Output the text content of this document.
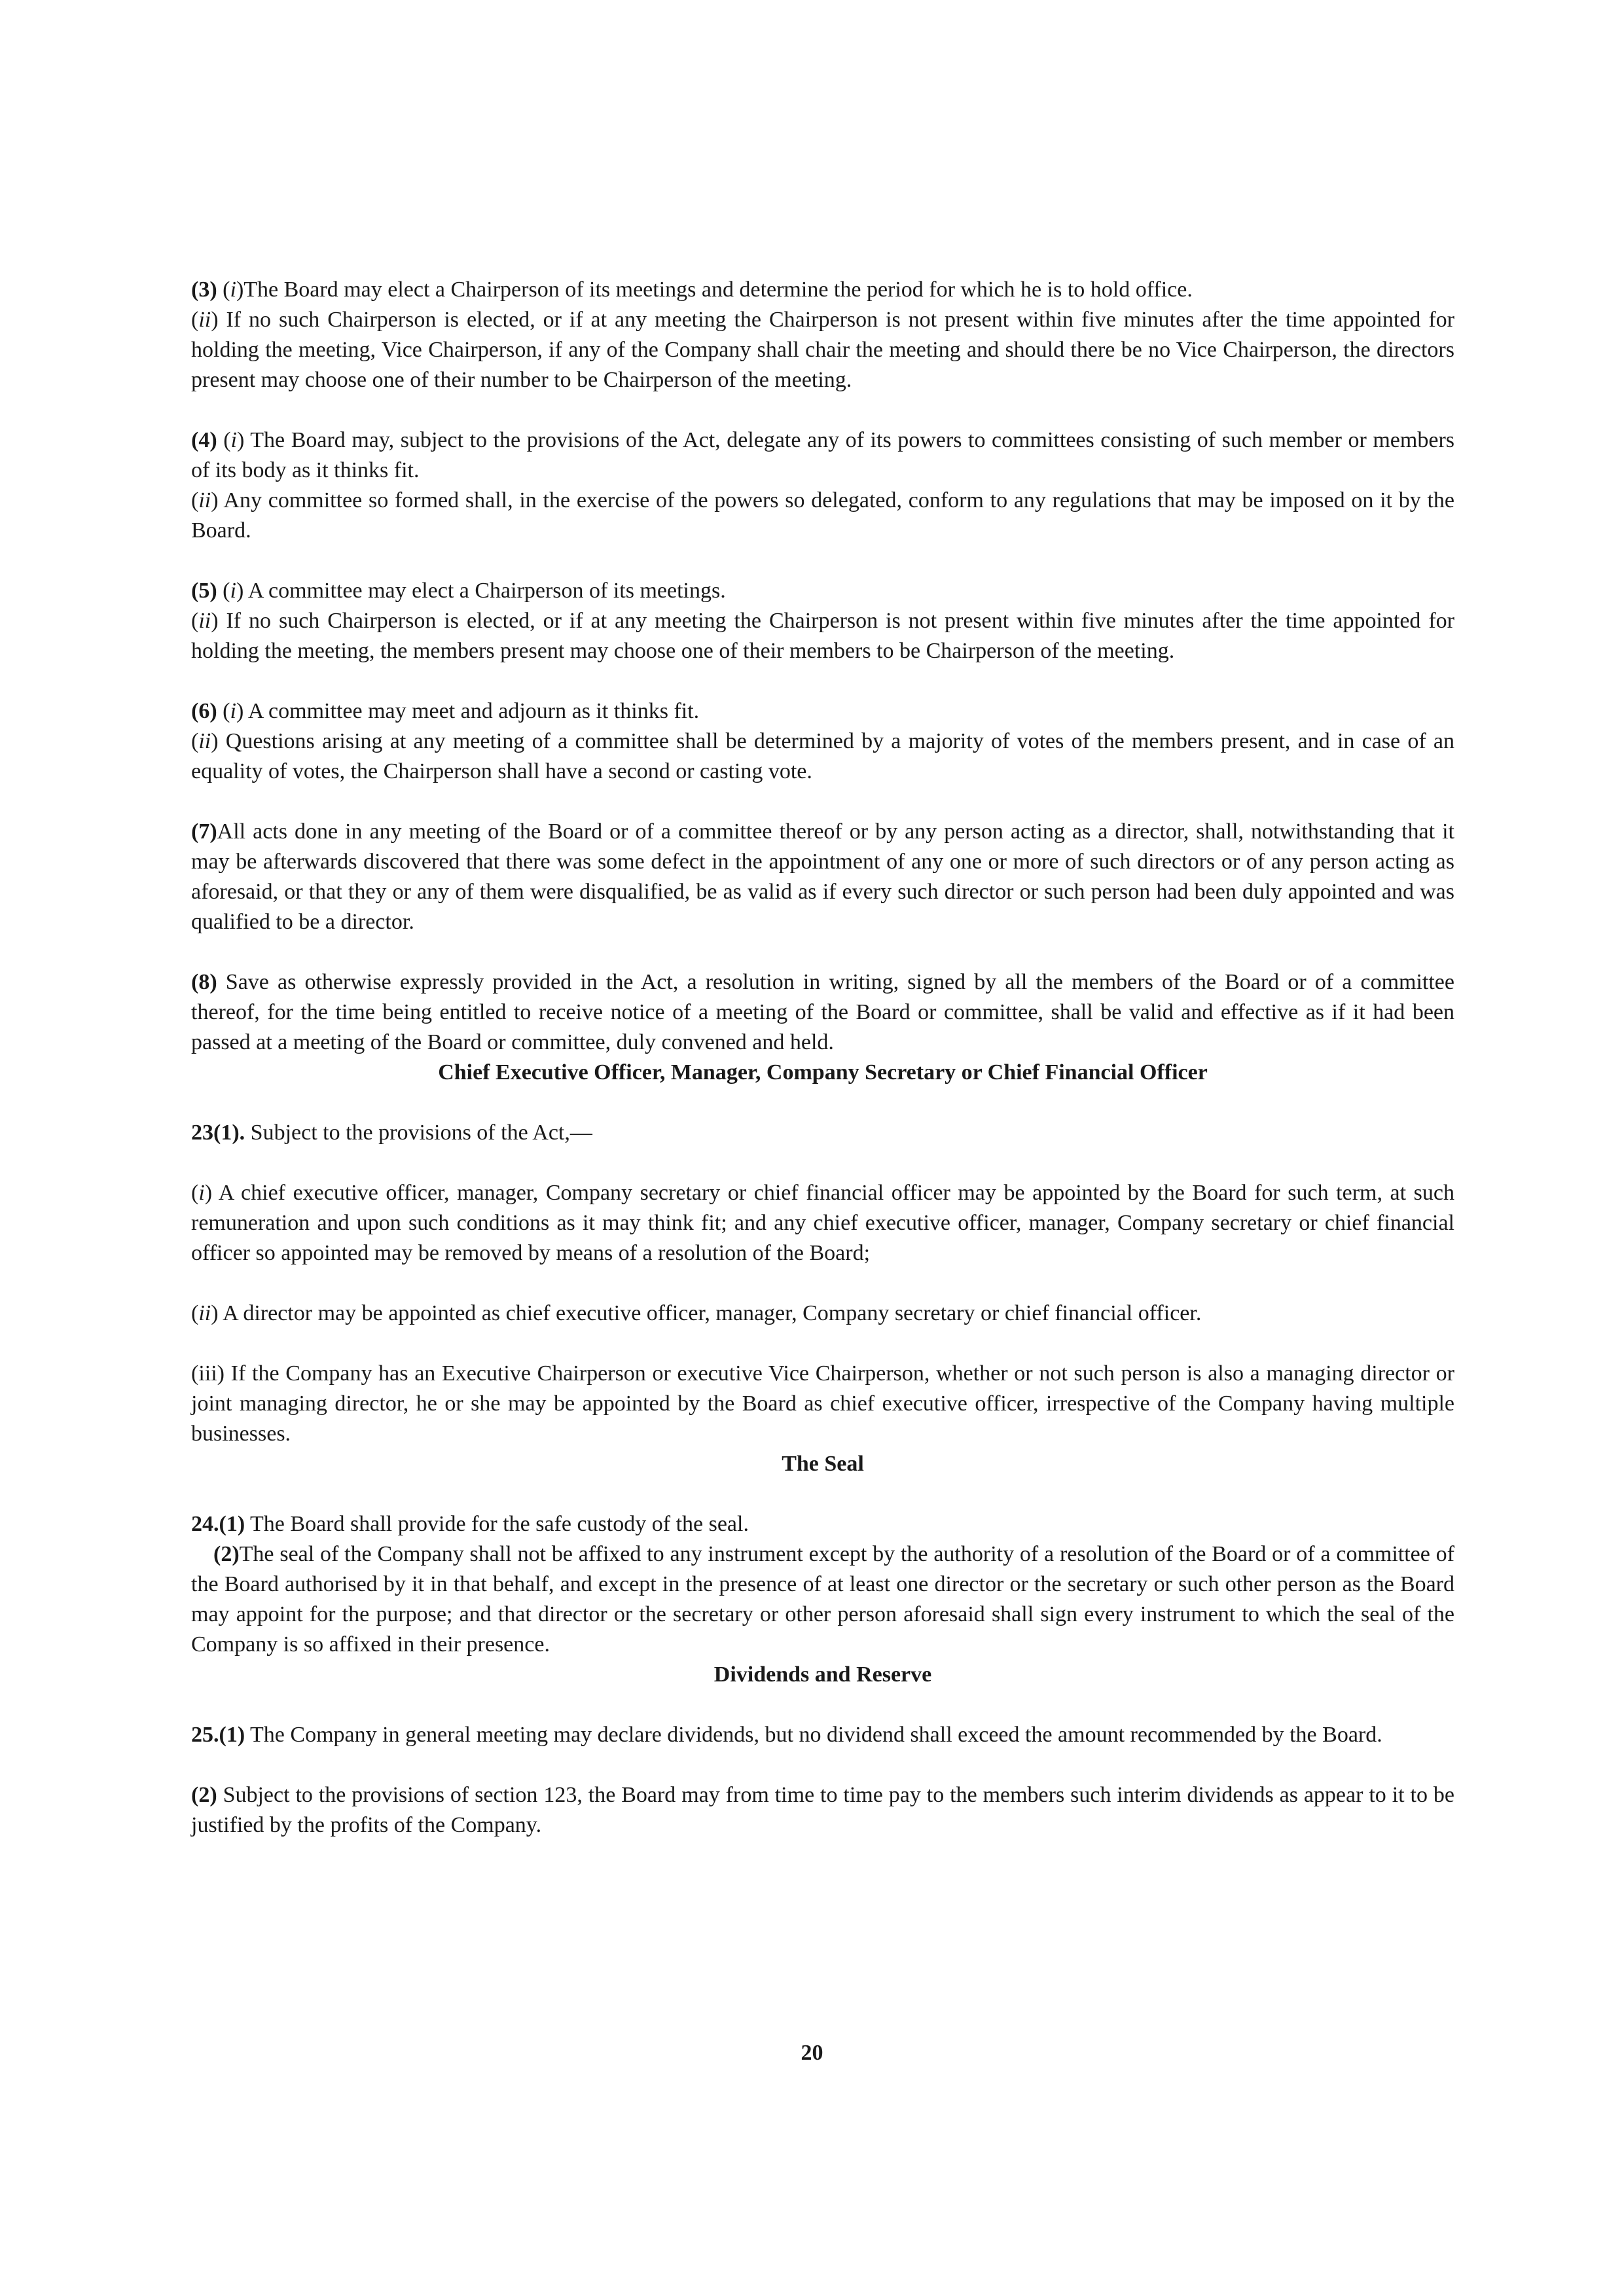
(3) (i)The Board may elect a Chairperson of its meetings and determine the period for which he is to hold office.

(ii) If no such Chairperson is elected, or if at any meeting the Chairperson is not present within five minutes after the time appointed for holding the meeting, Vice Chairperson, if any of the Company shall chair the meeting and should there be no Vice Chairperson, the directors present may choose one of their number to be Chairperson of the meeting.

(4) (i) The Board may, subject to the provisions of the Act, delegate any of its powers to committees consisting of such member or members of its body as it thinks fit.

(ii) Any committee so formed shall, in the exercise of the powers so delegated, conform to any regulations that may be imposed on it by the Board.

(5) (i) A committee may elect a Chairperson of its meetings.

(ii) If no such Chairperson is elected, or if at any meeting the Chairperson is not present within five minutes after the time appointed for holding the meeting, the members present may choose one of their members to be Chairperson of the meeting.

(6) (i) A committee may meet and adjourn as it thinks fit.

(ii) Questions arising at any meeting of a committee shall be determined by a majority of votes of the members present, and in case of an equality of votes, the Chairperson shall have a second or casting vote.

(7)All acts done in any meeting of the Board or of a committee thereof or by any person acting as a director, shall, notwithstanding that it may be afterwards discovered that there was some defect in the appointment of any one or more of such directors or of any person acting as aforesaid, or that they or any of them were disqualified, be as valid as if every such director or such person had been duly appointed and was qualified to be a director.

(8) Save as otherwise expressly provided in the Act, a resolution in writing, signed by all the members of the Board or of a committee thereof, for the time being entitled to receive notice of a meeting of the Board or committee, shall be valid and effective as if it had been passed at a meeting of the Board or committee, duly convened and held.

Chief Executive Officer, Manager, Company Secretary or Chief Financial Officer

23(1). Subject to the provisions of the Act,—

(i) A chief executive officer, manager, Company secretary or chief financial officer may be appointed by the Board for such term, at such remuneration and upon such conditions as it may think fit; and any chief executive officer, manager, Company secretary or chief financial officer so appointed may be removed by means of a resolution of the Board;

(ii) A director may be appointed as chief executive officer, manager, Company secretary or chief financial officer.

(iii) If the Company has an Executive Chairperson or executive Vice Chairperson, whether or not such person is also a managing director or joint managing director, he or she may be appointed by the Board as chief executive officer, irrespective of the Company having multiple businesses.

The Seal

24.(1) The Board shall provide for the safe custody of the seal.

(2)The seal of the Company shall not be affixed to any instrument except by the authority of a resolution of the Board or of a committee of the Board authorised by it in that behalf, and except in the presence of at least one director or the secretary or such other person as the Board may appoint for the purpose; and that director or the secretary or other person aforesaid shall sign every instrument to which the seal of the Company is so affixed in their presence.

Dividends and Reserve

25.(1) The Company in general meeting may declare dividends, but no dividend shall exceed the amount recommended by the Board.

(2) Subject to the provisions of section 123, the Board may from time to time pay to the members such interim dividends as appear to it to be justified by the profits of the Company.

20
